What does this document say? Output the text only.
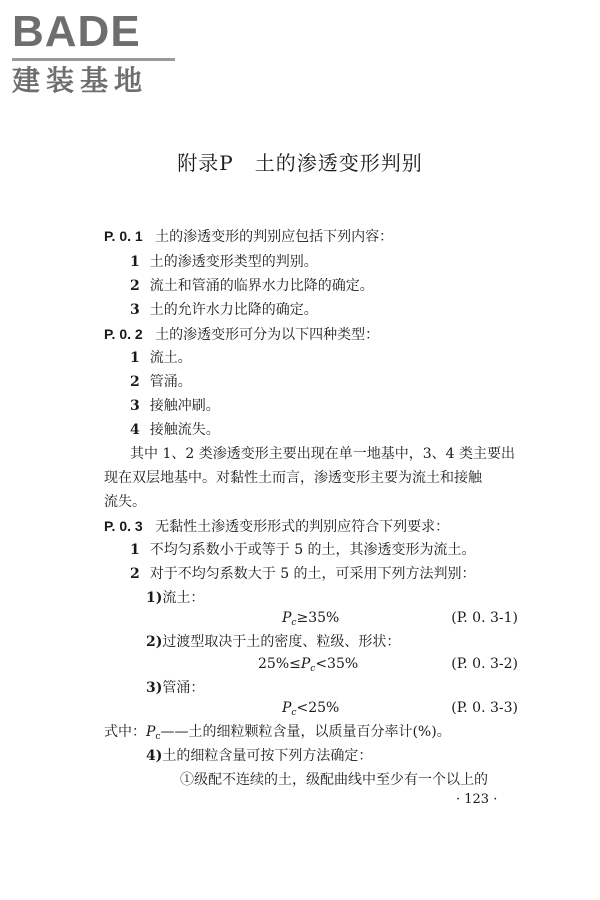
BADE
建装基地
附录P　土的渗透变形判别
P. 0. 1 土的渗透变形的判别应包括下列内容：
1 土的渗透变形类型的判别。
2 流土和管涌的临界水力比降的确定。
3 土的允许水力比降的确定。
P. 0. 2 土的渗透变形可分为以下四种类型：
1 流土。
2 管涌。
3 接触冲刷。
4 接触流失。
其中 1、2 类渗透变形主要出现在单一地基中，3、4 类主要出
现在双层地基中。对黏性土而言，渗透变形主要为流土和接触
流失。
P. 0. 3 无黏性土渗透变形形式的判别应符合下列要求：
1 不均匀系数小于或等于 5 的土，其渗透变形为流土。
2 对于不均匀系数大于 5 的土，可采用下列方法判别：
1)流土：
$P_c\ge 35\%$	(P. 0. 3-1)
2)过渡型取决于土的密度、粒级、形状：
$25\%\le P_c<35\%$	(P. 0. 3-2)
3)管涌：
$P_c<25\%$	(P. 0. 3-3)
式中：$P_c——$土的细粒颗粒含量，以质量百分率计(%)。
4)土的细粒含量可按下列方法确定：
①级配不连续的土，级配曲线中至少有一个以上的
· 123 ·
